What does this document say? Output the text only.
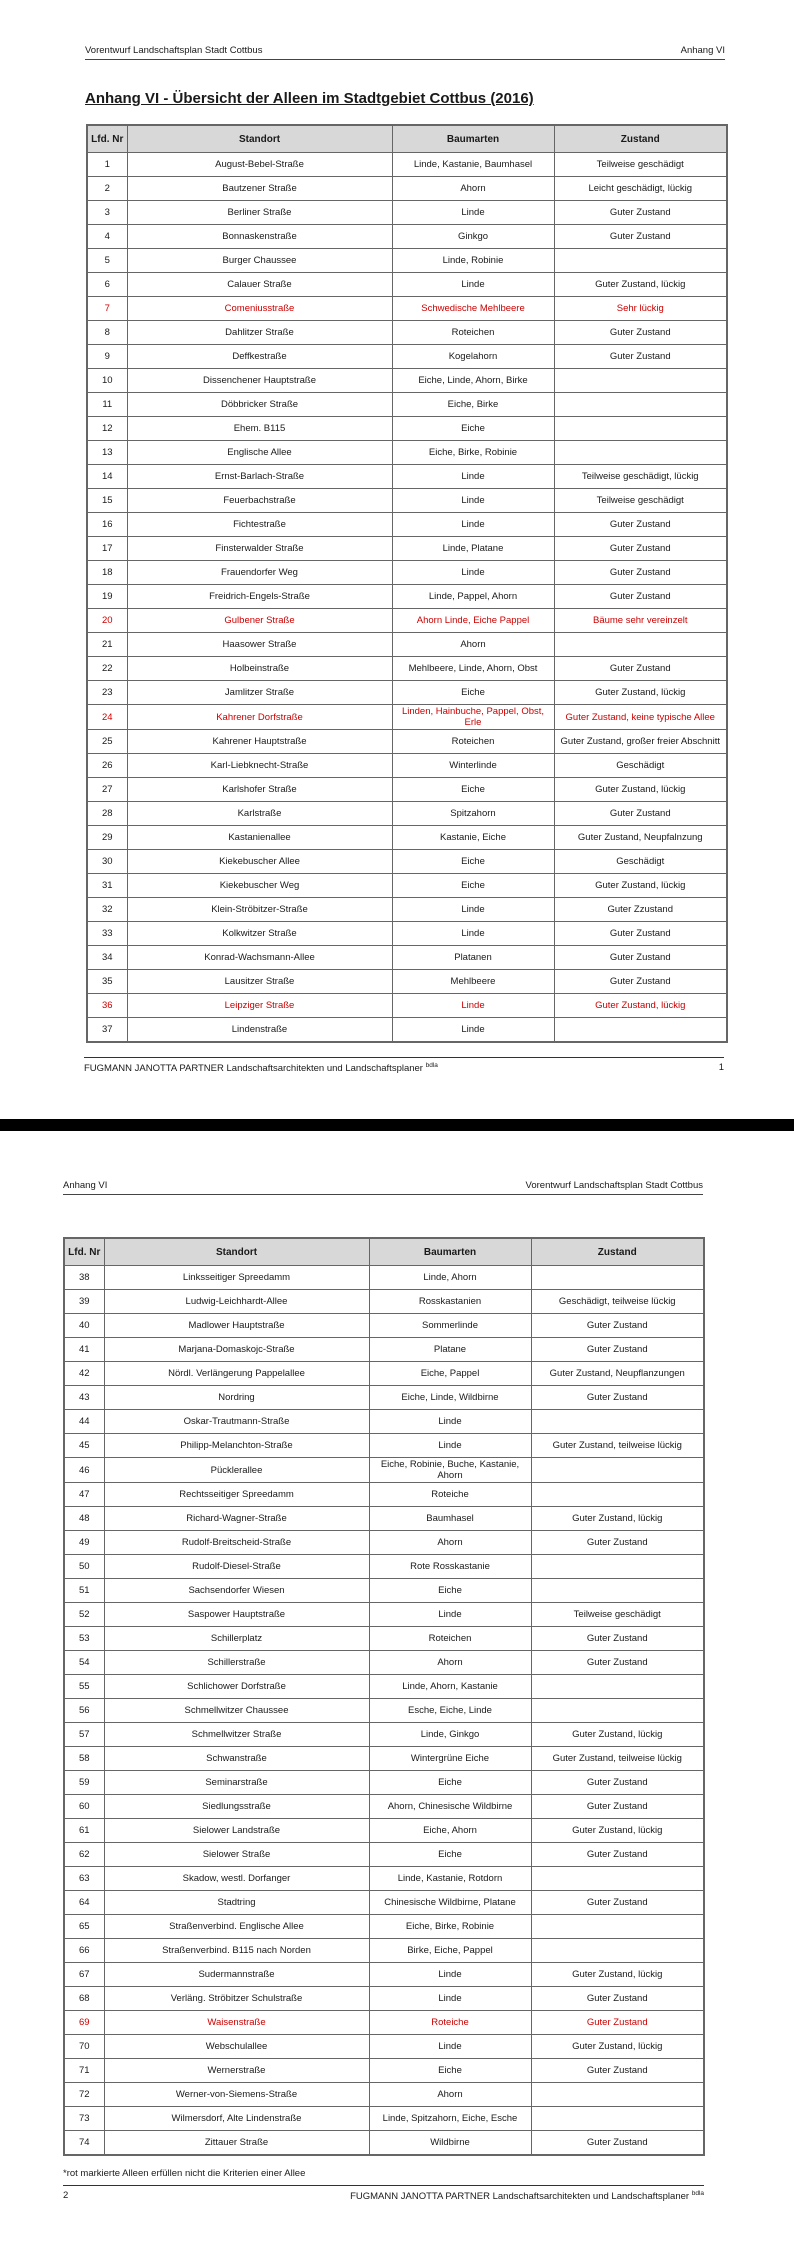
Vorentwurf Landschaftsplan Stadt Cottbus	Anhang VI
Anhang VI - Übersicht der Alleen im Stadtgebiet Cottbus (2016)
Lfd. Nr	Standort	Baumarten	Zustand
1	August-Bebel-Straße	Linde, Kastanie, Baumhasel	Teilweise geschädigt
2	Bautzener Straße	Ahorn	Leicht geschädigt, lückig
3	Berliner Straße	Linde	Guter Zustand
4	Bonnaskenstraße	Ginkgo	Guter Zustand
5	Burger Chaussee	Linde, Robinie	
6	Calauer Straße	Linde	Guter Zustand, lückig
7	Comeniusstraße	Schwedische Mehlbeere	Sehr lückig
8	Dahlitzer Straße	Roteichen	Guter Zustand
9	Deffkestraße	Kogelahorn	Guter Zustand
10	Dissenchener Hauptstraße	Eiche, Linde, Ahorn, Birke	
11	Döbbricker Straße	Eiche, Birke	
12	Ehem. B115	Eiche	
13	Englische Allee	Eiche, Birke, Robinie	
14	Ernst-Barlach-Straße	Linde	Teilweise geschädigt, lückig
15	Feuerbachstraße	Linde	Teilweise geschädigt
16	Fichtestraße	Linde	Guter Zustand
17	Finsterwalder Straße	Linde, Platane	Guter Zustand
18	Frauendorfer Weg	Linde	Guter Zustand
19	Freidrich-Engels-Straße	Linde, Pappel, Ahorn	Guter Zustand
20	Gulbener Straße	Ahorn Linde, Eiche Pappel	Bäume sehr vereinzelt
21	Haasower Straße	Ahorn	
22	Holbeinstraße	Mehlbeere, Linde, Ahorn, Obst	Guter Zustand
23	Jamlitzer Straße	Eiche	Guter Zustand, lückig
24	Kahrener Dorfstraße	Linden, Hainbuche, Pappel, Obst, Erle	Guter Zustand, keine typische Allee
25	Kahrener Hauptstraße	Roteichen	Guter Zustand, großer freier Abschnitt
26	Karl-Liebknecht-Straße	Winterlinde	Geschädigt
27	Karlshofer Straße	Eiche	Guter Zustand, lückig
28	Karlstraße	Spitzahorn	Guter Zustand
29	Kastanienallee	Kastanie, Eiche	Guter Zustand, Neupfalnzung
30	Kiekebuscher Allee	Eiche	Geschädigt
31	Kiekebuscher Weg	Eiche	Guter Zustand, lückig
32	Klein-Ströbitzer-Straße	Linde	Guter Zzustand
33	Kolkwitzer Straße	Linde	Guter Zustand
34	Konrad-Wachsmann-Allee	Platanen	Guter Zustand
35	Lausitzer Straße	Mehlbeere	Guter Zustand
36	Leipziger Straße	Linde	Guter Zustand, lückig
37	Lindenstraße	Linde	
FUGMANN JANOTTA PARTNER Landschaftsarchitekten und Landschaftsplaner $^{bdla}$	1
Anhang VI	Vorentwurf Landschaftsplan Stadt Cottbus
Lfd. Nr	Standort	Baumarten	Zustand
38	Linksseitiger Spreedamm	Linde, Ahorn	
39	Ludwig-Leichhardt-Allee	Rosskastanien	Geschädigt, teilweise lückig
40	Madlower Hauptstraße	Sommerlinde	Guter Zustand
41	Marjana-Domaskojc-Straße	Platane	Guter Zustand
42	Nördl. Verlängerung Pappelallee	Eiche, Pappel	Guter Zustand, Neupflanzungen
43	Nordring	Eiche, Linde, Wildbirne	Guter Zustand
44	Oskar-Trautmann-Straße	Linde	
45	Philipp-Melanchton-Straße	Linde	Guter Zustand, teilweise lückig
46	Pücklerallee	Eiche, Robinie, Buche, Kastanie, Ahorn	
47	Rechtsseitiger Spreedamm	Roteiche	
48	Richard-Wagner-Straße	Baumhasel	Guter Zustand, lückig
49	Rudolf-Breitscheid-Straße	Ahorn	Guter Zustand
50	Rudolf-Diesel-Straße	Rote Rosskastanie	
51	Sachsendorfer Wiesen	Eiche	
52	Saspower Hauptstraße	Linde	Teilweise geschädigt
53	Schillerplatz	Roteichen	Guter Zustand
54	Schillerstraße	Ahorn	Guter Zustand
55	Schlichower Dorfstraße	Linde, Ahorn, Kastanie	
56	Schmellwitzer Chaussee	Esche, Eiche, Linde	
57	Schmellwitzer Straße	Linde, Ginkgo	Guter Zustand, lückig
58	Schwanstraße	Wintergrüne Eiche	Guter Zustand, teilweise lückig
59	Seminarstraße	Eiche	Guter Zustand
60	Siedlungsstraße	Ahorn, Chinesische Wildbirne	Guter Zustand
61	Sielower Landstraße	Eiche, Ahorn	Guter Zustand, lückig
62	Sielower Straße	Eiche	Guter Zustand
63	Skadow, westl. Dorfanger	Linde, Kastanie, Rotdorn	
64	Stadtring	Chinesische Wildbirne, Platane	Guter Zustand
65	Straßenverbind. Englische Allee	Eiche, Birke, Robinie	
66	Straßenverbind. B115 nach Norden	Birke, Eiche, Pappel	
67	Sudermannstraße	Linde	Guter Zustand, lückig
68	Verläng. Ströbitzer Schulstraße	Linde	Guter Zustand
69	Waisenstraße	Roteiche	Guter Zustand
70	Webschulallee	Linde	Guter Zustand, lückig
71	Wernerstraße	Eiche	Guter Zustand
72	Werner-von-Siemens-Straße	Ahorn	
73	Wilmersdorf, Alte Lindenstraße	Linde, Spitzahorn, Eiche, Esche	
74	Zittauer Straße	Wildbirne	Guter Zustand
*rot markierte Alleen erfüllen nicht die Kriterien einer Allee
2	FUGMANN JANOTTA PARTNER Landschaftsarchitekten und Landschaftsplaner $^{bdla}$
